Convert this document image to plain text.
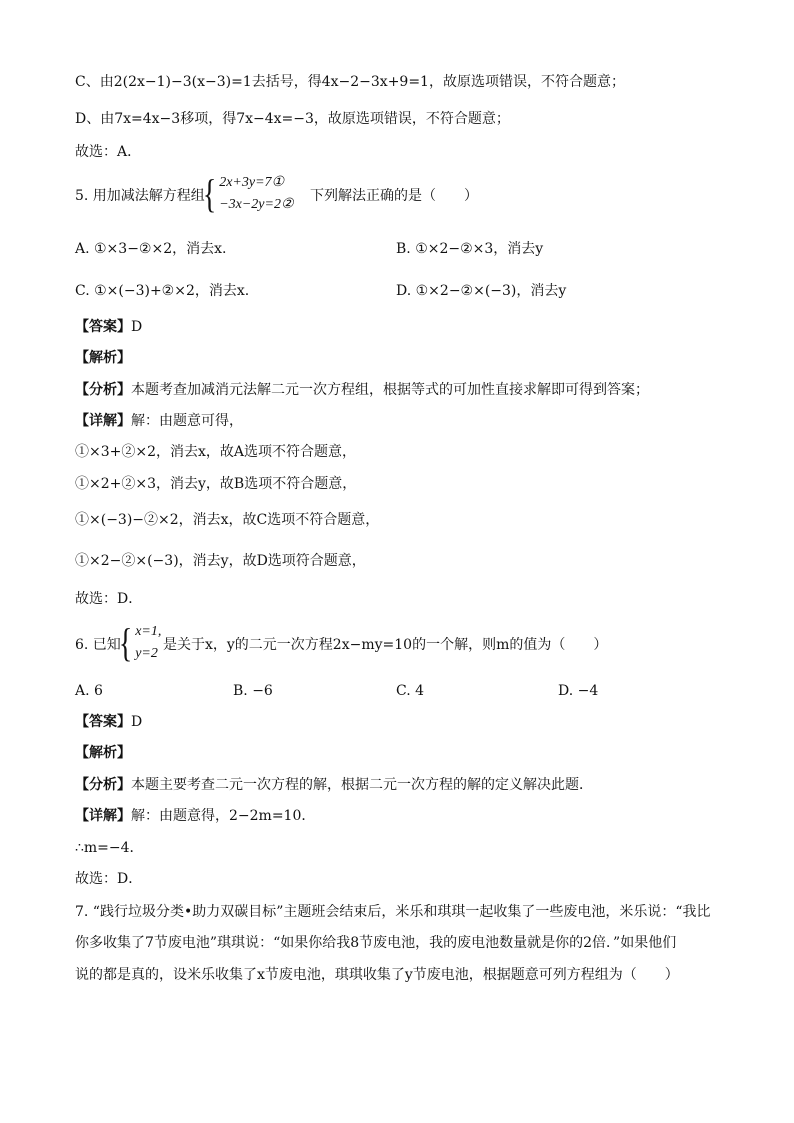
C、由2(2x−1)−3(x−3)=1去括号，得4x−2−3x+9=1，故原选项错误，不符合题意；
D、由7x=4x−3移项，得7x−4x=−3，故原选项错误，不符合题意；
故选：A．
5. 用加减法解方程组
{ 2x+3y=7①
−3x−2y=2②
下列解法正确的是（　　）
A. ①×3−②×2，消去x.	B. ①×2−②×3，消去y
C. ①×(−3)+②×2，消去x.	D. ①×2−②×(−3)，消去y
【答案】D
【解析】
【分析】本题考查加减消元法解二元一次方程组，根据等式的可加性直接求解即可得到答案；
【详解】解：由题意可得，
①×3+②×2，消去x，故A选项不符合题意，
①×2+②×3，消去y，故B选项不符合题意，
①×(−3)−②×2，消去x，故C选项不符合题意，
①×2−②×(−3)，消去y，故D选项符合题意，
故选：D．
6. 已知
{ x=1,
y=2
是关于x，y的二元一次方程2x−my=10的一个解，则m的值为（　　）
A. 6	B. −6	C. 4	D. −4
【答案】D
【解析】
【分析】本题主要考查二元一次方程的解，根据二元一次方程的解的定义解决此题．
【详解】解：由题意得，2−2m=10．
∴m=−4．
故选：D．
7. “践行垃圾分类•助力双碳目标”主题班会结束后，米乐和琪琪一起收集了一些废电池，米乐说：“我比
你多收集了7节废电池”琪琪说：“如果你给我8节废电池，我的废电池数量就是你的2倍．”如果他们
说的都是真的，设米乐收集了x节废电池，琪琪收集了y节废电池，根据题意可列方程组为（　　）
